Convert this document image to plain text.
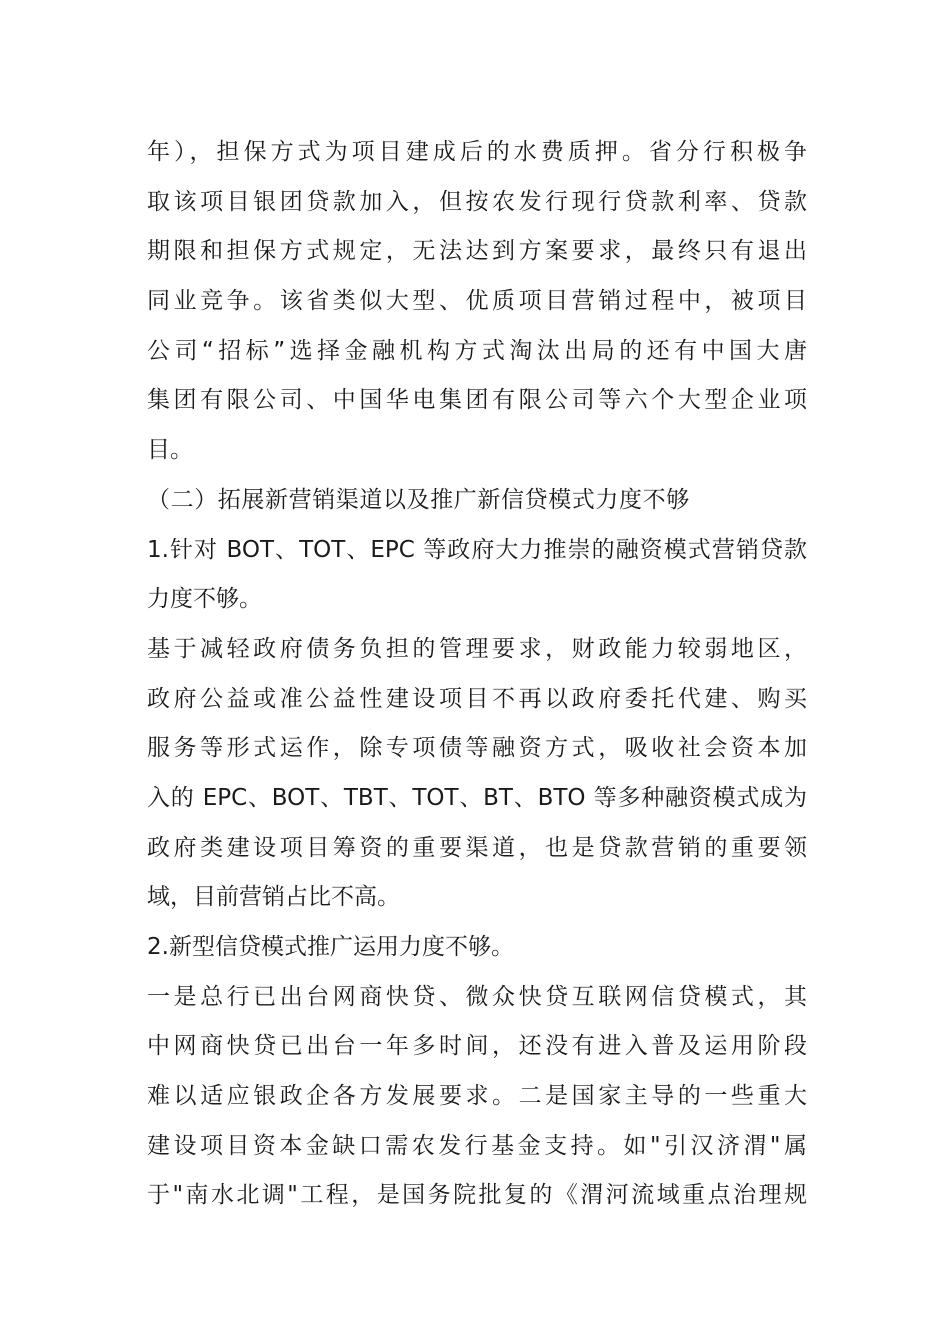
年），担保方式为项目建成后的水费质押。省分行积极争
取该项目银团贷款加入，但按农发行现行贷款利率、贷款
期限和担保方式规定，无法达到方案要求，最终只有退出
同业竞争。该省类似大型、优质项目营销过程中，被项目
公司“招标”选择金融机构方式淘汰出局的还有中国大唐
集团有限公司、中国华电集团有限公司等六个大型企业项
目。
（二）拓展新营销渠道以及推广新信贷模式力度不够
1.针对 BOT、TOT、EPC 等政府大力推崇的融资模式营销贷款
力度不够。
基于减轻政府债务负担的管理要求，财政能力较弱地区，
政府公益或准公益性建设项目不再以政府委托代建、购买
服务等形式运作，除专项债等融资方式，吸收社会资本加
入的 EPC、BOT、TBT、TOT、BT、BTO 等多种融资模式成为
政府类建设项目筹资的重要渠道，也是贷款营销的重要领
域，目前营销占比不高。
2.新型信贷模式推广运用力度不够。
一是总行已出台网商快贷、微众快贷互联网信贷模式，其
中网商快贷已出台一年多时间，还没有进入普及运用阶段
难以适应银政企各方发展要求。二是国家主导的一些重大
建设项目资本金缺口需农发行基金支持。如"引汉济渭"属
于"南水北调"工程，是国务院批复的《渭河流域重点治理规
